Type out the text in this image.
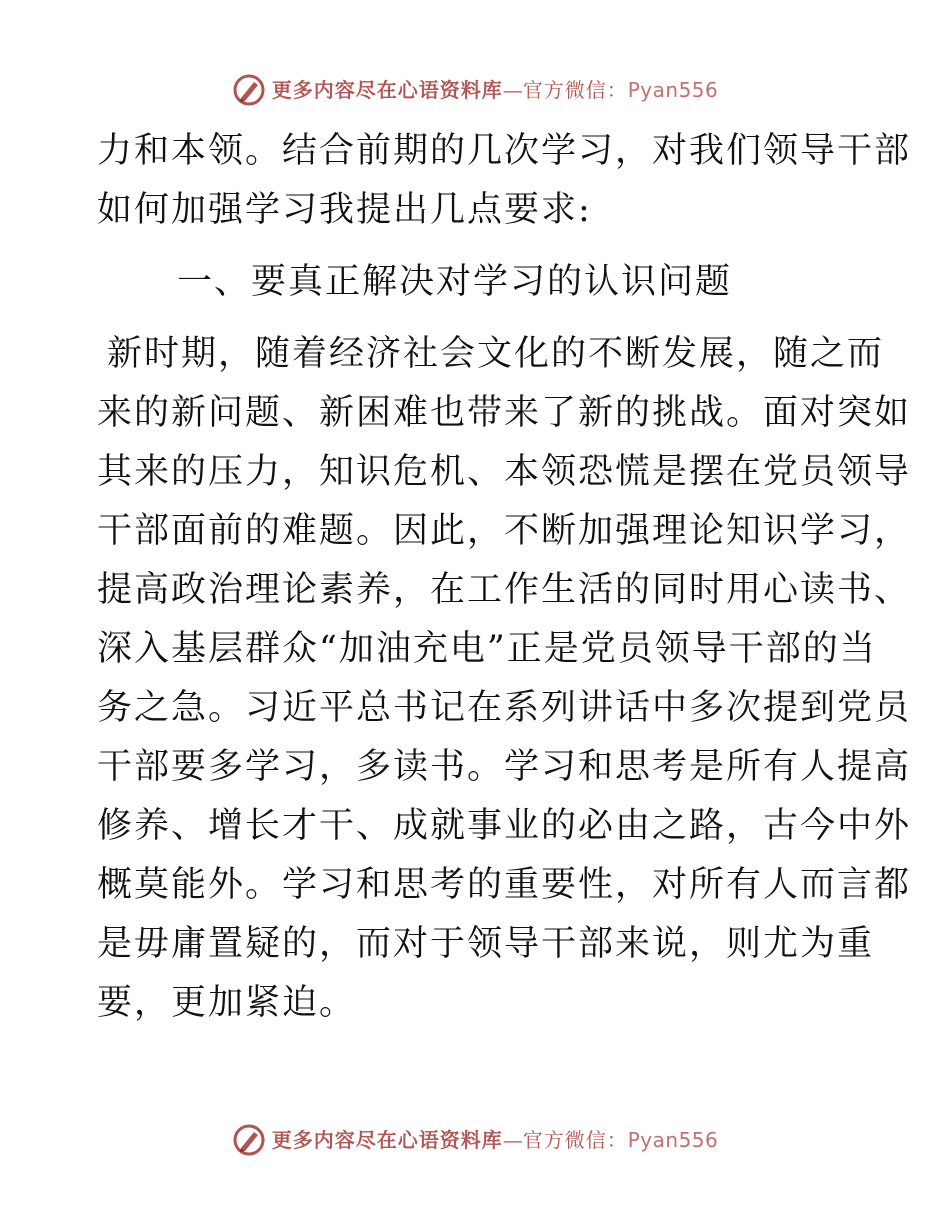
更多内容尽在心语资料库 — 官方微信： Pyan556
力和本领。结合前期的几次学习，对我们领导干部
如何加强学习我提出几点要求:
一、要真正解决对学习的认识问题
新时期，随着经济社会文化的不断发展，随之而
来的新问题、新困难也带来了新的挑战。面对突如
其来的压力，知识危机、本领恐慌是摆在党员领导
干部面前的难题。因此，不断加强理论知识学习，
提高政治理论素养，在工作生活的同时用心读书、
深入基层群众“加油充电”正是党员领导干部的当
务之急。习近平总书记在系列讲话中多次提到党员
干部要多学习，多读书。学习和思考是所有人提高
修养、增长才干、成就事业的必由之路，古今中外
概莫能外。学习和思考的重要性，对所有人而言都
是毋庸置疑的，而对于领导干部来说，则尤为重
要，更加紧迫。
更多内容尽在心语资料库 — 官方微信： Pyan556
